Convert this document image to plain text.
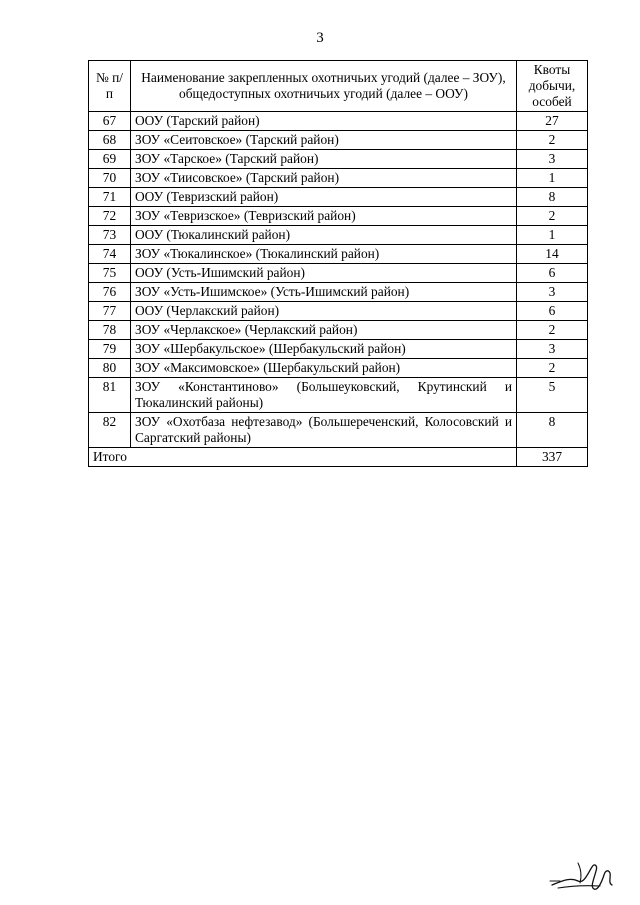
3
№ п/п	Наименование закрепленных охотничьих угодий (далее – ЗОУ), общедоступных охотничьих угодий (далее – ООУ)	Квоты добычи, особей
67	ООУ (Тарский район)	27
68	ЗОУ «Сеитовское» (Тарский район)	2
69	ЗОУ «Тарское» (Тарский район)	3
70	ЗОУ «Тиисовское» (Тарский район)	1
71	ООУ (Тевризский район)	8
72	ЗОУ «Тевризское» (Тевризский район)	2
73	ООУ (Тюкалинский район)	1
74	ЗОУ «Тюкалинское» (Тюкалинский район)	14
75	ООУ (Усть-Ишимский район)	6
76	ЗОУ «Усть-Ишимское» (Усть-Ишимский район)	3
77	ООУ (Черлакский район)	6
78	ЗОУ «Черлакское» (Черлакский район)	2
79	ЗОУ «Шербакульское» (Шербакульский район)	3
80	ЗОУ «Максимовское» (Шербакульский район)	2
81	ЗОУ «Константиново» (Большеуковский, Крутинский и Тюкалинский районы)	5
82	ЗОУ «Охотбаза нефтезавод» (Большереченский, Колосовский и Саргатский районы)	8
Итого		337
